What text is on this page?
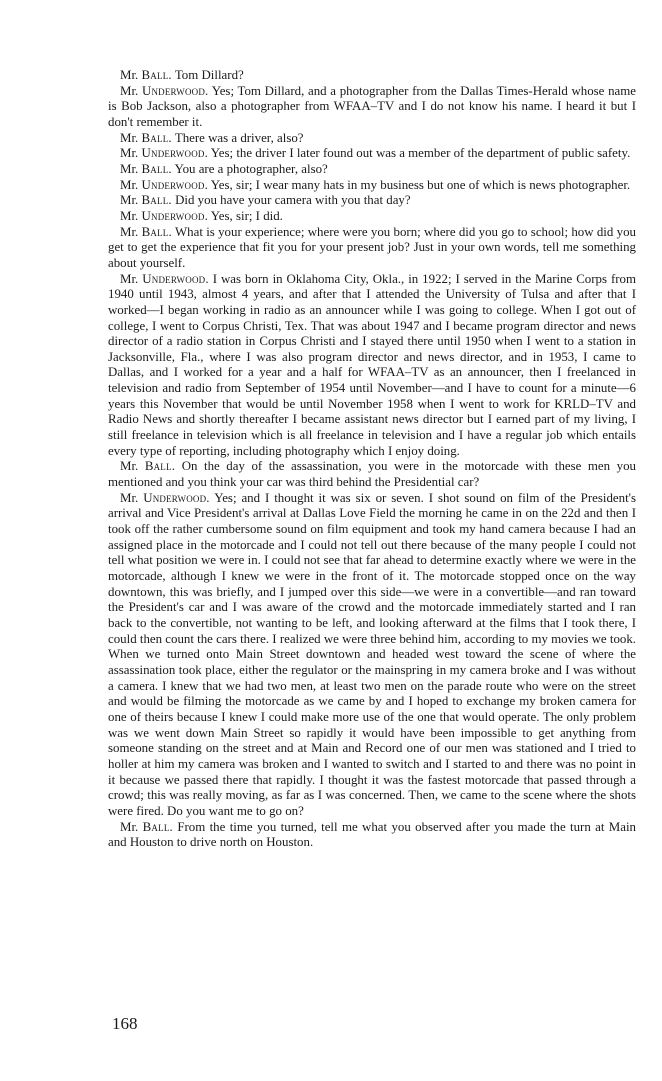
Mr. Ball. Tom Dillard?

Mr. Underwood. Yes; Tom Dillard, and a photographer from the Dallas Times-Herald whose name is Bob Jackson, also a photographer from WFAA–TV and I do not know his name. I heard it but I don't remember it.

Mr. Ball. There was a driver, also?

Mr. Underwood. Yes; the driver I later found out was a member of the department of public safety.

Mr. Ball. You are a photographer, also?

Mr. Underwood. Yes, sir; I wear many hats in my business but one of which is news photographer.

Mr. Ball. Did you have your camera with you that day?

Mr. Underwood. Yes, sir; I did.

Mr. Ball. What is your experience; where were you born; where did you go to school; how did you get to get the experience that fit you for your present job? Just in your own words, tell me something about yourself.

Mr. Underwood. I was born in Oklahoma City, Okla., in 1922; I served in the Marine Corps from 1940 until 1943, almost 4 years, and after that I attended the University of Tulsa and after that I worked—I began working in radio as an announcer while I was going to college. When I got out of college, I went to Corpus Christi, Tex. That was about 1947 and I became program director and news director of a radio station in Corpus Christi and I stayed there until 1950 when I went to a station in Jacksonville, Fla., where I was also program director and news director, and in 1953, I came to Dallas, and I worked for a year and a half for WFAA–TV as an announcer, then I freelanced in television and radio from September of 1954 until November—and I have to count for a minute—6 years this November that would be until November 1958 when I went to work for KRLD–TV and Radio News and shortly thereafter I became assistant news director but I earned part of my living, I still freelance in television which is all freelance in television and I have a regular job which entails every type of reporting, including photography which I enjoy doing.

Mr. Ball. On the day of the assassination, you were in the motorcade with these men you mentioned and you think your car was third behind the Presidential car?

Mr. Underwood. Yes; and I thought it was six or seven. I shot sound on film of the President's arrival and Vice President's arrival at Dallas Love Field the morning he came in on the 22d and then I took off the rather cumbersome sound on film equipment and took my hand camera because I had an assigned place in the motorcade and I could not tell out there because of the many people I could not tell what position we were in. I could not see that far ahead to determine exactly where we were in the motorcade, although I knew we were in the front of it. The motorcade stopped once on the way downtown, this was briefly, and I jumped over this side—we were in a convertible—and ran toward the President's car and I was aware of the crowd and the motorcade immediately started and I ran back to the convertible, not wanting to be left, and looking afterward at the films that I took there, I could then count the cars there. I realized we were three behind him, according to my movies we took. When we turned onto Main Street downtown and headed west toward the scene of where the assassination took place, either the regulator or the mainspring in my camera broke and I was without a camera. I knew that we had two men, at least two men on the parade route who were on the street and would be filming the motorcade as we came by and I hoped to exchange my broken camera for one of theirs because I knew I could make more use of the one that would operate. The only problem was we went down Main Street so rapidly it would have been impossible to get anything from someone standing on the street and at Main and Record one of our men was stationed and I tried to holler at him my camera was broken and I wanted to switch and I started to and there was no point in it because we passed there that rapidly. I thought it was the fastest motorcade that passed through a crowd; this was really moving, as far as I was concerned. Then, we came to the scene where the shots were fired. Do you want me to go on?

Mr. Ball. From the time you turned, tell me what you observed after you made the turn at Main and Houston to drive north on Houston.

168
